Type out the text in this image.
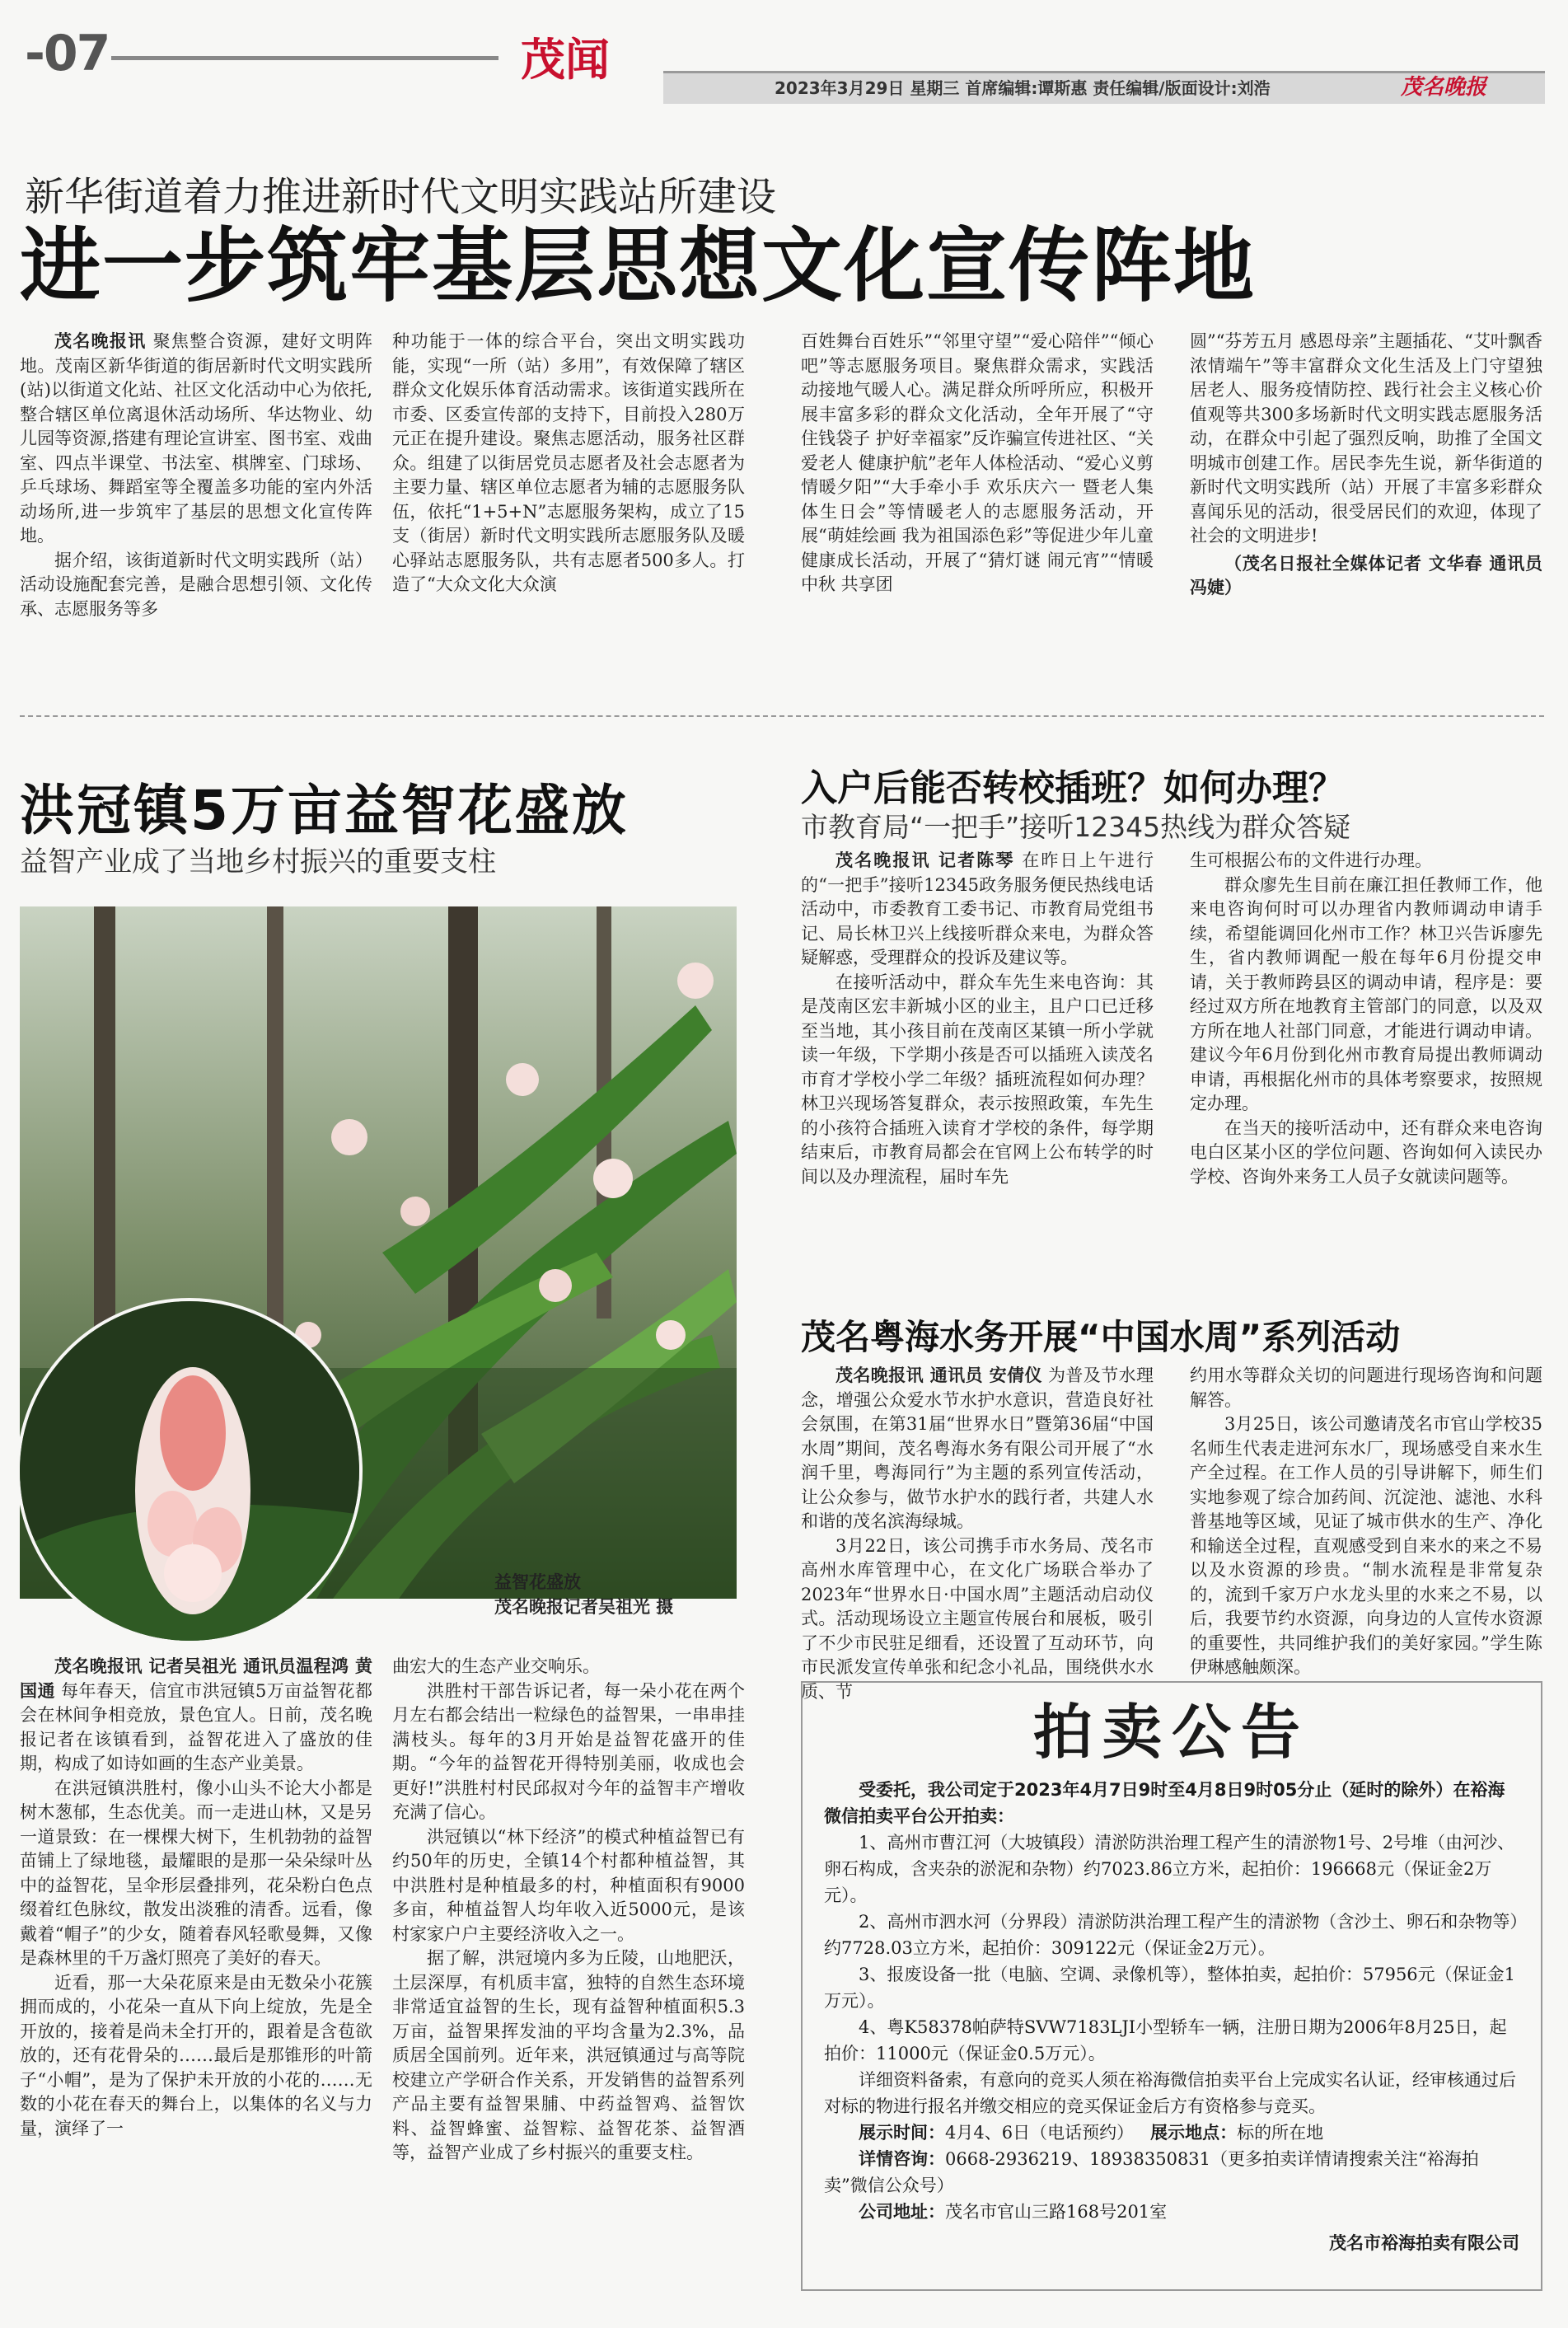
-07	茂闻
2023年3月29日 星期三 首席编辑:谭斯惠 责任编辑/版面设计:刘浩	茂名晚报
新华街道着力推进新时代文明实践站所建设
进一步筑牢基层思想文化宣传阵地

茂名晚报讯 聚焦整合资源，建好文明阵地。茂南区新华街道的街居新时代文明实践所(站)以街道文化站、社区文化活动中心为依托,整合辖区单位离退休活动场所、华达物业、幼儿园等资源,搭建有理论宣讲室、图书室、戏曲室、四点半课堂、书法室、棋牌室、门球场、乒乓球场、舞蹈室等全覆盖多功能的室内外活动场所,进一步筑牢了基层的思想文化宣传阵地。

据介绍，该街道新时代文明实践所（站）活动设施配套完善，是融合思想引领、文化传承、志愿服务等多

种功能于一体的综合平台，突出文明实践功能，实现“一所（站）多用”，有效保障了辖区群众文化娱乐体育活动需求。该街道实践所在市委、区委宣传部的支持下，目前投入280万元正在提升建设。聚焦志愿活动，服务社区群众。组建了以街居党员志愿者及社会志愿者为主要力量、辖区单位志愿者为辅的志愿服务队伍，依托“1+5+N”志愿服务架构，成立了15支（街居）新时代文明实践所志愿服务队及暖心驿站志愿服务队，共有志愿者500多人。打造了“大众文化大众演

百姓舞台百姓乐”“邻里守望”“爱心陪伴”“倾心吧”等志愿服务项目。聚焦群众需求，实践活动接地气暖人心。满足群众所呼所应，积极开展丰富多彩的群众文化活动，全年开展了“守住钱袋子 护好幸福家”反诈骗宣传进社区、“关爱老人 健康护航”老年人体检活动、“爱心义剪 情暖夕阳”“大手牵小手 欢乐庆六一 暨老人集体生日会”等情暖老人的志愿服务活动，开展“萌娃绘画 我为祖国添色彩”等促进少年儿童健康成长活动，开展了“猜灯谜 闹元宵”“情暖中秋 共享团

圆”“芬芳五月 感恩母亲”主题插花、“艾叶飘香 浓情端午”等丰富群众文化生活及上门守望独居老人、服务疫情防控、践行社会主义核心价值观等共300多场新时代文明实践志愿服务活动，在群众中引起了强烈反响，助推了全国文明城市创建工作。居民李先生说，新华街道的新时代文明实践所（站）开展了丰富多彩群众喜闻乐见的活动，很受居民们的欢迎，体现了社会的文明进步!

（茂名日报社全媒体记者 文华春 通讯员 冯婕）

洪冠镇5万亩益智花盛放
益智产业成了当地乡村振兴的重要支柱
益智花盛放
茂名晚报记者吴祖光 摄

茂名晚报讯 记者吴祖光 通讯员温程鸿 黄国通 每年春天，信宜市洪冠镇5万亩益智花都会在林间争相竞放，景色宜人。日前，茂名晚报记者在该镇看到，益智花进入了盛放的佳期，构成了如诗如画的生态产业美景。

在洪冠镇洪胜村，像小山头不论大小都是树木葱郁，生态优美。而一走进山林，又是另一道景致：在一棵棵大树下，生机勃勃的益智苗铺上了绿地毯，最耀眼的是那一朵朵绿叶丛中的益智花，呈伞形层叠排列，花朵粉白色点缀着红色脉纹，散发出淡雅的清香。远看，像戴着“帽子”的少女，随着春风轻歌曼舞，又像是森林里的千万盏灯照亮了美好的春天。

近看，那一大朵花原来是由无数朵小花簇拥而成的，小花朵一直从下向上绽放，先是全开放的，接着是尚未全打开的，跟着是含苞欲放的，还有花骨朵的……最后是那锥形的叶箭子“小帽”，是为了保护未开放的小花的……无数的小花在春天的舞台上，以集体的名义与力量，演绎了一

曲宏大的生态产业交响乐。

洪胜村干部告诉记者，每一朵小花在两个月左右都会结出一粒绿色的益智果，一串串挂满枝头。每年的3月开始是益智花盛开的佳期。“今年的益智花开得特别美丽，收成也会更好!”洪胜村村民邱叔对今年的益智丰产增收充满了信心。

洪冠镇以“林下经济”的模式种植益智已有约50年的历史，全镇14个村都种植益智，其中洪胜村是种植最多的村，种植面积有9000多亩，种植益智人均年收入近5000元，是该村家家户户主要经济收入之一。

据了解，洪冠境内多为丘陵，山地肥沃，土层深厚，有机质丰富，独特的自然生态环境非常适宜益智的生长，现有益智种植面积5.3万亩，益智果挥发油的平均含量为2.3%，品质居全国前列。近年来，洪冠镇通过与高等院校建立产学研合作关系，开发销售的益智系列产品主要有益智果脯、中药益智鸡、益智饮料、益智蜂蜜、益智粽、益智花茶、益智酒等，益智产业成了乡村振兴的重要支柱。

入户后能否转校插班？如何办理？
市教育局“一把手”接听12345热线为群众答疑

茂名晚报讯 记者陈琴 在昨日上午进行的“一把手”接听12345政务服务便民热线电话活动中，市委教育工委书记、市教育局党组书记、局长林卫兴上线接听群众来电，为群众答疑解惑，受理群众的投诉及建议等。

在接听活动中，群众车先生来电咨询：其是茂南区宏丰新城小区的业主，且户口已迁移至当地，其小孩目前在茂南区某镇一所小学就读一年级，下学期小孩是否可以插班入读茂名市育才学校小学二年级？插班流程如何办理？林卫兴现场答复群众，表示按照政策，车先生的小孩符合插班入读育才学校的条件，每学期结束后，市教育局都会在官网上公布转学的时间以及办理流程，届时车先

生可根据公布的文件进行办理。

群众廖先生目前在廉江担任教师工作，他来电咨询何时可以办理省内教师调动申请手续，希望能调回化州市工作？林卫兴告诉廖先生，省内教师调配一般在每年6月份提交申请，关于教师跨县区的调动申请，程序是：要经过双方所在地教育主管部门的同意，以及双方所在地人社部门同意，才能进行调动申请。建议今年6月份到化州市教育局提出教师调动申请，再根据化州市的具体考察要求，按照规定办理。

在当天的接听活动中，还有群众来电咨询电白区某小区的学位问题、咨询如何入读民办学校、咨询外来务工人员子女就读问题等。

茂名粤海水务开展“中国水周”系列活动

茂名晚报讯 通讯员 安倩仪 为普及节水理念，增强公众爱水节水护水意识，营造良好社会氛围，在第31届“世界水日”暨第36届“中国水周”期间，茂名粤海水务有限公司开展了“水润千里，粤海同行”为主题的系列宣传活动，让公众参与，做节水护水的践行者，共建人水和谐的茂名滨海绿城。

3月22日，该公司携手市水务局、茂名市高州水库管理中心，在文化广场联合举办了2023年“世界水日·中国水周”主题活动启动仪式。活动现场设立主题宣传展台和展板，吸引了不少市民驻足细看，还设置了互动环节，向市民派发宣传单张和纪念小礼品，围绕供水水质、节

约用水等群众关切的问题进行现场咨询和问题解答。

3月25日，该公司邀请茂名市官山学校35名师生代表走进河东水厂，现场感受自来水生产全过程。在工作人员的引导讲解下，师生们实地参观了综合加药间、沉淀池、滤池、水科普基地等区域，见证了城市供水的生产、净化和输送全过程，直观感受到自来水的来之不易以及水资源的珍贵。“制水流程是非常复杂的，流到千家万户水龙头里的水来之不易，以后，我要节约水资源，向身边的人宣传水资源的重要性，共同维护我们的美好家园。”学生陈伊琳感触颇深。

拍卖公告

受委托，我公司定于2023年4月7日9时至4月8日9时05分止（延时的除外）在裕海微信拍卖平台公开拍卖：

1、高州市曹江河（大坡镇段）清淤防洪治理工程产生的清淤物1号、2号堆（由河沙、卵石构成，含夹杂的淤泥和杂物）约7023.86立方米，起拍价：196668元（保证金2万元）。

2、高州市泗水河（分界段）清淤防洪治理工程产生的清淤物（含沙土、卵石和杂物等）约7728.03立方米，起拍价：309122元（保证金2万元）。

3、报废设备一批（电脑、空调、录像机等），整体拍卖，起拍价：57956元（保证金1万元）。

4、粤K58378帕萨特SVW7183LJI小型轿车一辆，注册日期为2006年8月25日，起拍价：11000元（保证金0.5万元）。

详细资料备索，有意向的竞买人须在裕海微信拍卖平台上完成实名认证，经审核通过后对标的物进行报名并缴交相应的竞买保证金后方有资格参与竞买。

展示时间：4月4、6日（电话预约） 展示地点：标的所在地

详情咨询：0668-2936219、18938350831（更多拍卖详情请搜索关注“裕海拍卖”微信公众号）

公司地址：茂名市官山三路168号201室

茂名市裕海拍卖有限公司
